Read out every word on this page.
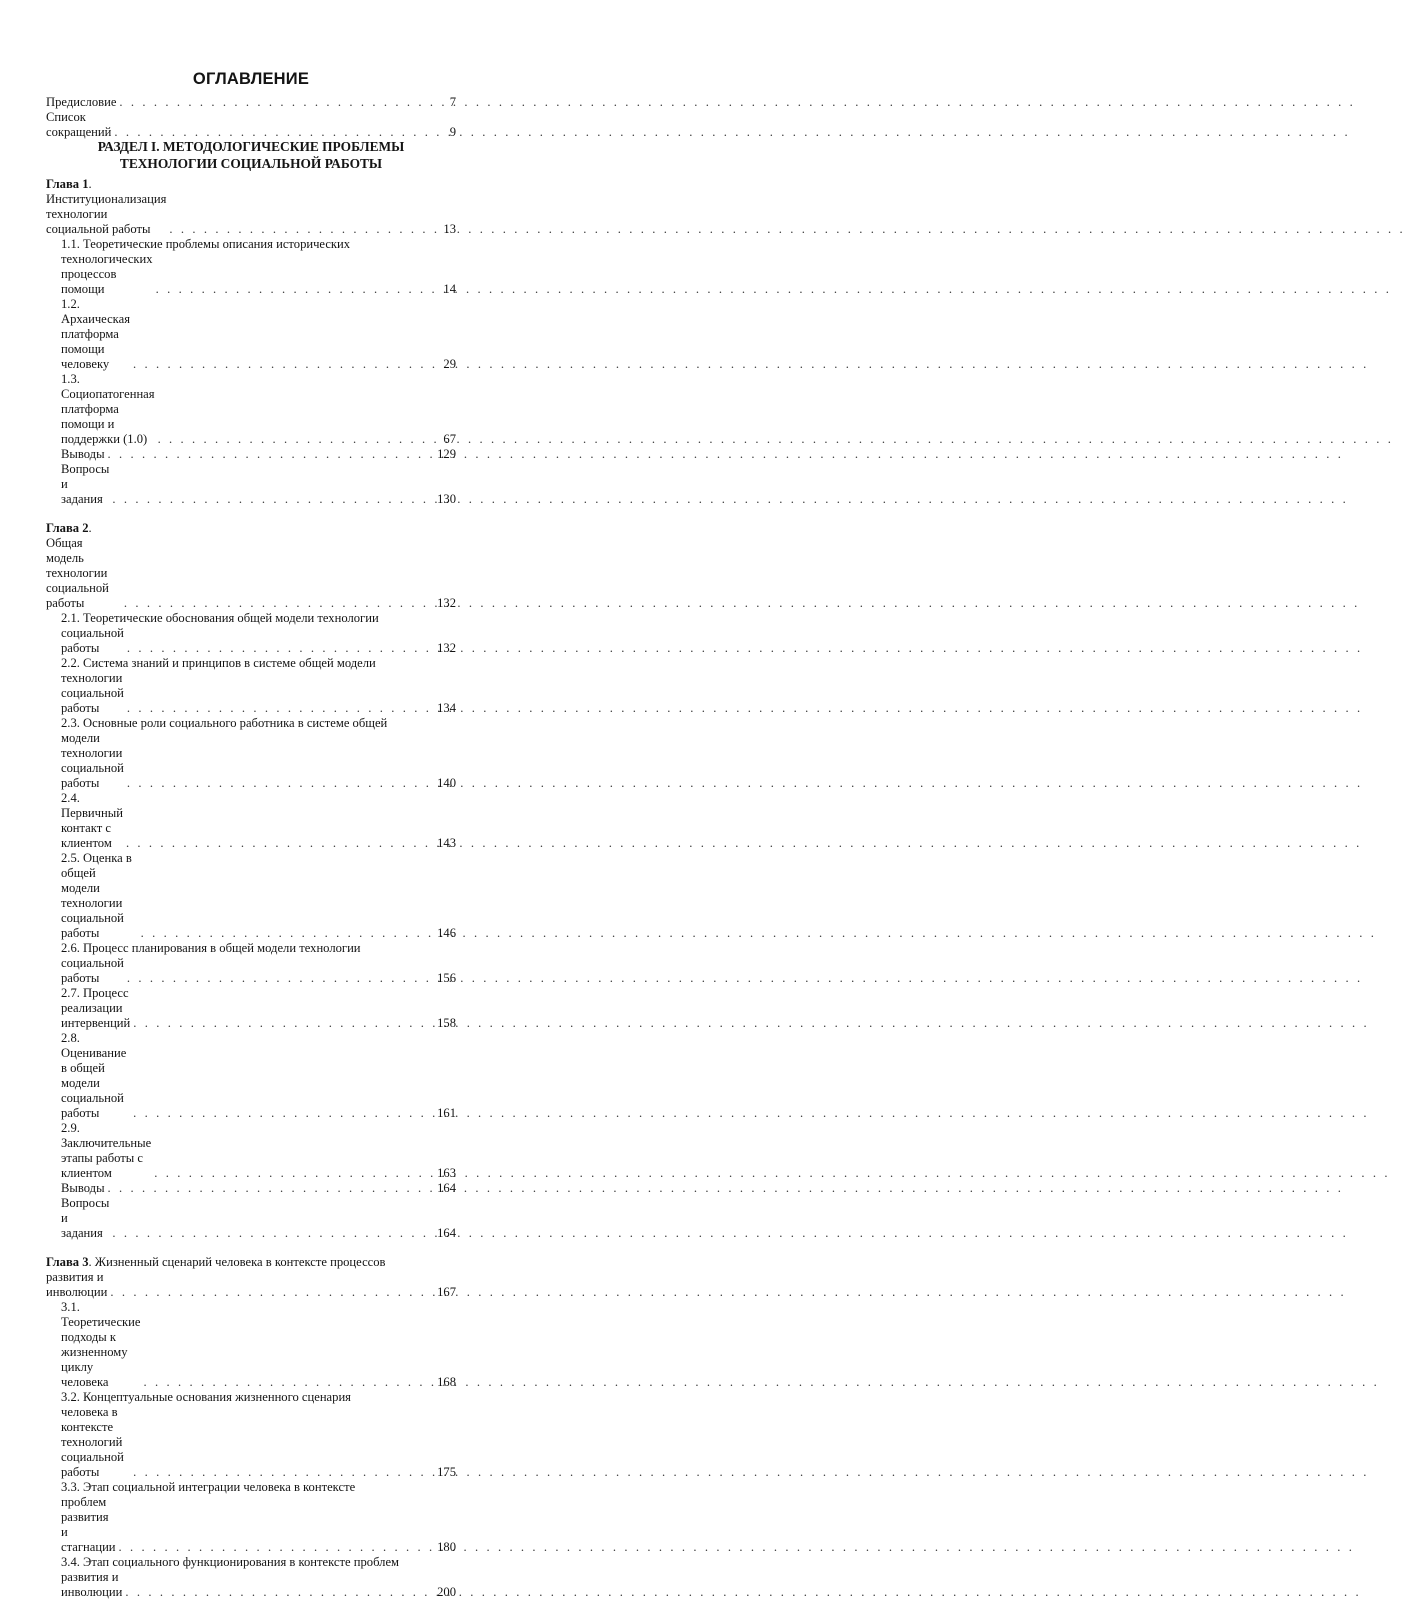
ОГЛАВЛЕНИЕ
Предисловие . . .	7
Список сокращений . . .	9
РАЗДЕЛ I. МЕТОДОЛОГИЧЕСКИЕ ПРОБЛЕМЫ
ТЕХНОЛОГИИ СОЦИАЛЬНОЙ РАБОТЫ
Глава 1. Институционализация технологии социальной работы . . .	13
1.1. Теоретические проблемы описания исторических
технологических процессов помощи . . .	14
1.2. Архаическая платформа помощи человеку . . .	29
1.3. Социопатогенная платформа помощи и поддержки (1.0) . . .	67
Выводы . . .	129
Вопросы и задания . . .	130
Глава 2. Общая модель технологии социальной работы . . .	132
2.1. Теоретические обоснования общей модели технологии
социальной работы . . .	132
2.2. Система знаний и принципов в системе общей модели
технологии социальной работы . . .	134
2.3. Основные роли социального работника в системе общей
модели технологии социальной работы . . .	140
2.4. Первичный контакт с клиентом . . .	143
2.5. Оценка в общей модели технологии социальной работы . . .	146
2.6. Процесс планирования в общей модели технологии
социальной работы . . .	156
2.7. Процесс реализации интервенций . . .	158
2.8. Оценивание в общей модели социальной работы . . .	161
2.9. Заключительные этапы работы с клиентом . . .	163
Выводы . . .	164
Вопросы и задания . . .	164
Глава 3. Жизненный сценарий человека в контексте процессов
развития и инволюции . . .	167
3.1. Теоретические подходы к жизненному циклу человека . . .	168
3.2. Концептуальные основания жизненного сценария
человека в контексте технологий социальной работы . . .	175
3.3. Этап социальной интеграции человека в контексте
проблем развития и стагнации . . .	180
3.4. Этап социального функционирования в контексте проблем
развития и инволюции . . .	200
